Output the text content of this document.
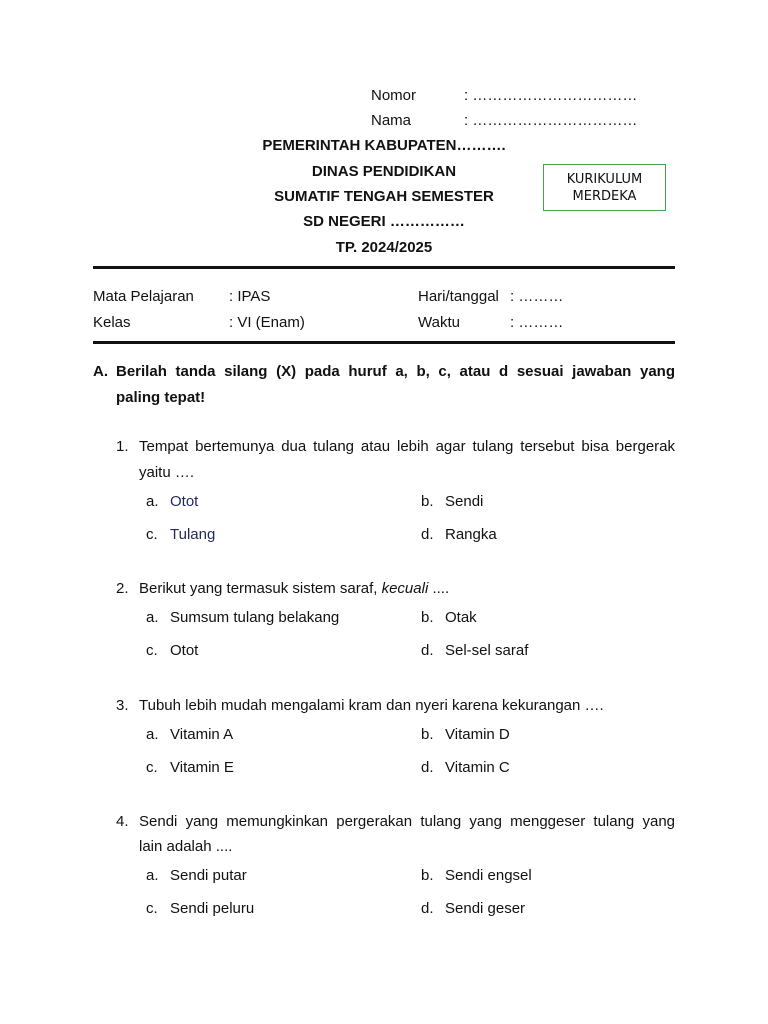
Nomor	: ……………………………
Nama	: ……………………………
PEMERINTAH KABUPATEN……….
DINAS PENDIDIKAN
SUMATIF TENGAH SEMESTER
SD NEGERI ……………
TP. 2024/2025
KURIKULUM
MERDEKA
Mata Pelajaran : IPAS	Hari/tanggal : ………
Kelas	: VI (Enam)	Waktu	: ………
A. Berilah tanda silang (X) pada huruf a, b, c, atau d sesuai jawaban yang
paling tepat!
1. Tempat bertemunya dua tulang atau lebih agar tulang tersebut bisa bergerak
yaitu ….
a. Otot	b. Sendi
c. Tulang	d. Rangka
2. Berikut yang termasuk sistem saraf, kecuali ....
a. Sumsum tulang belakang	b. Otak
c. Otot	d. Sel-sel saraf
3. Tubuh lebih mudah mengalami kram dan nyeri karena kekurangan ….
a. Vitamin A	b. Vitamin D
c. Vitamin E	d. Vitamin C
4. Sendi yang memungkinkan pergerakan tulang yang menggeser tulang yang
lain adalah ....
a. Sendi putar	b. Sendi engsel
c. Sendi peluru	d. Sendi geser
